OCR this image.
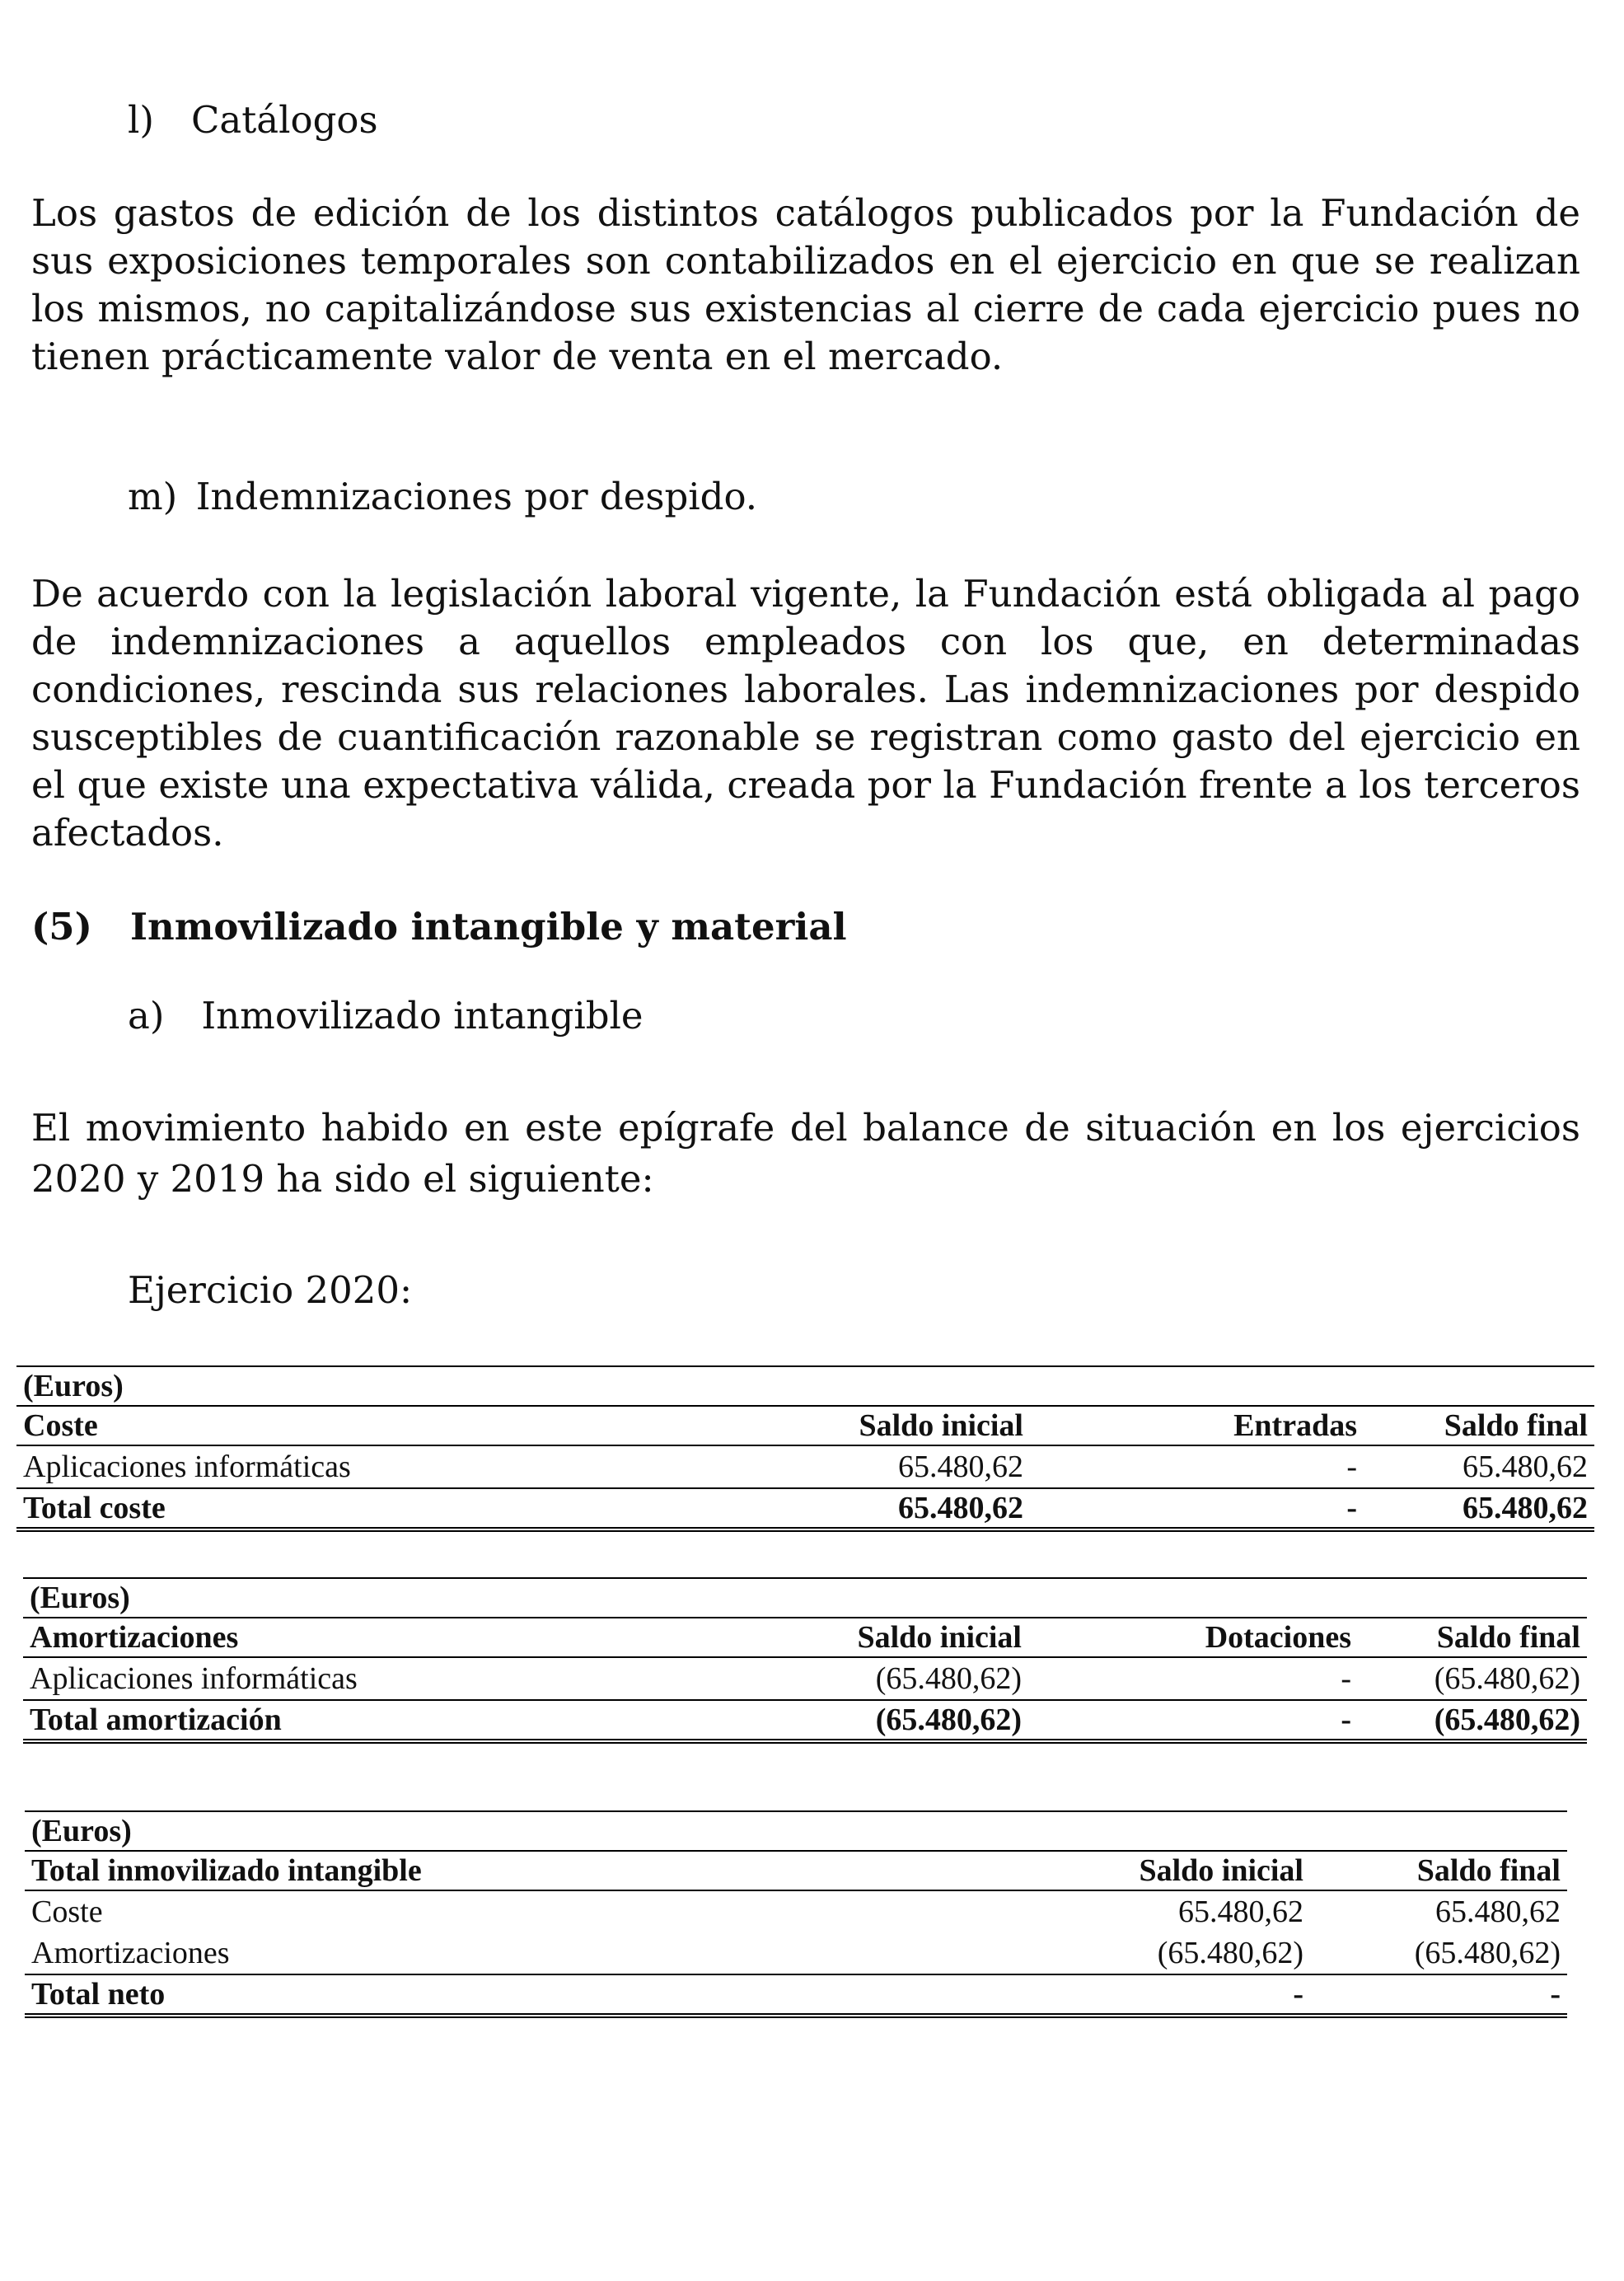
l) Catálogos
Los gastos de edición de los distintos catálogos publicados por la Fundación de sus exposiciones temporales son contabilizados en el ejercicio en que se realizan los mismos, no capitalizándose sus existencias al cierre de cada ejercicio pues no tienen prácticamente valor de venta en el mercado.
m) Indemnizaciones por despido.
De acuerdo con la legislación laboral vigente, la Fundación está obligada al pago de indemnizaciones a aquellos empleados con los que, en determinadas condiciones, rescinda sus relaciones laborales. Las indemnizaciones por despido susceptibles de cuantificación razonable se registran como gasto del ejercicio en el que existe una expectativa válida, creada por la Fundación frente a los terceros afectados.
(5) Inmovilizado intangible y material
a) Inmovilizado intangible
El movimiento habido en este epígrafe del balance de situación en los ejercicios 2020 y 2019 ha sido el siguiente:
Ejercicio 2020:
(Euros)			
Coste	Saldo inicial	Entradas	Saldo final
Aplicaciones informáticas	65.480,62	-	65.480,62
Total coste	65.480,62	-	65.480,62
(Euros)			
Amortizaciones	Saldo inicial	Dotaciones	Saldo final
Aplicaciones informáticas	(65.480,62)	-	(65.480,62)
Total amortización	(65.480,62)	-	(65.480,62)
(Euros)		
Total inmovilizado intangible	Saldo inicial	Saldo final
Coste	65.480,62	65.480,62
Amortizaciones	(65.480,62)	(65.480,62)
Total neto	-	-
